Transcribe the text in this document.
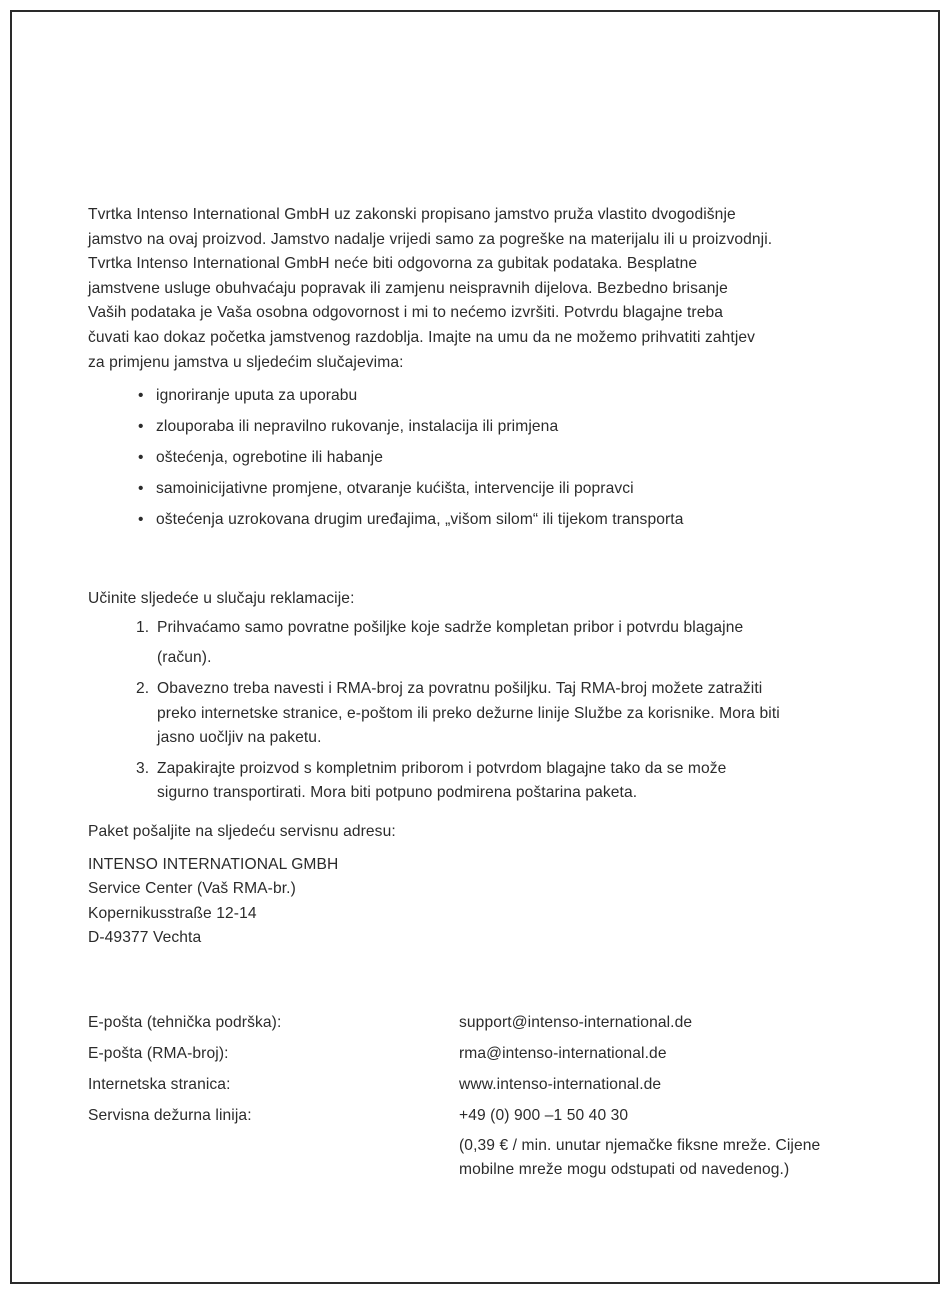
Tvrtka Intenso International GmbH uz zakonski propisano jamstvo pruža vlastito dvogodišnje
jamstvo na ovaj proizvod. Jamstvo nadalje vrijedi samo za pogreške na materijalu ili u proizvodnji.
Tvrtka Intenso International GmbH neće biti odgovorna za gubitak podataka. Besplatne
jamstvene usluge obuhvaćaju popravak ili zamjenu neispravnih dijelova. Bezbedno brisanje
Vaših podataka je Vaša osobna odgovornost i mi to nećemo izvršiti. Potvrdu blagajne treba
čuvati kao dokaz početka jamstvenog razdoblja. Imajte na umu da ne možemo prihvatiti zahtjev
za primjenu jamstva u sljedećim slučajevima:

• ignoriranje uputa za uporabu
• zlouporaba ili nepravilno rukovanje, instalacija ili primjena
• oštećenja, ogrebotine ili habanje
• samoinicijativne promjene, otvaranje kućišta, intervencije ili popravci
• oštećenja uzrokovana drugim uređajima, „višom silom“ ili tijekom transporta
Učinite sljedeće u slučaju reklamacije:
1. Prihvaćamo samo povratne pošiljke koje sadrže kompletan pribor i potvrdu blagajne
(račun).
2. Obavezno treba navesti i RMA-broj za povratnu pošiljku. Taj RMA-broj možete zatražiti
preko internetske stranice, e-poštom ili preko dežurne linije Službe za korisnike. Mora biti
jasno uočljiv na paketu.
3. Zapakirajte proizvod s kompletnim priborom i potvrdom blagajne tako da se može
sigurno transportirati. Mora biti potpuno podmirena poštarina paketa.
Paket pošaljite na sljedeću servisnu adresu:
INTENSO INTERNATIONAL GMBH
Service Center (Vaš RMA-br.)
Kopernikusstraße 12-14
D-49377 Vechta
E-pošta (tehnička podrška):	support@intenso-international.de
E-pošta (RMA-broj):	rma@intenso-international.de
Internetska stranica:	www.intenso-international.de
Servisna dežurna linija:	+49 (0) 900 –1 50 40 30
(0,39 € / min. unutar njemačke fiksne mreže. Cijene
mobilne mreže mogu odstupati od navedenog.)
